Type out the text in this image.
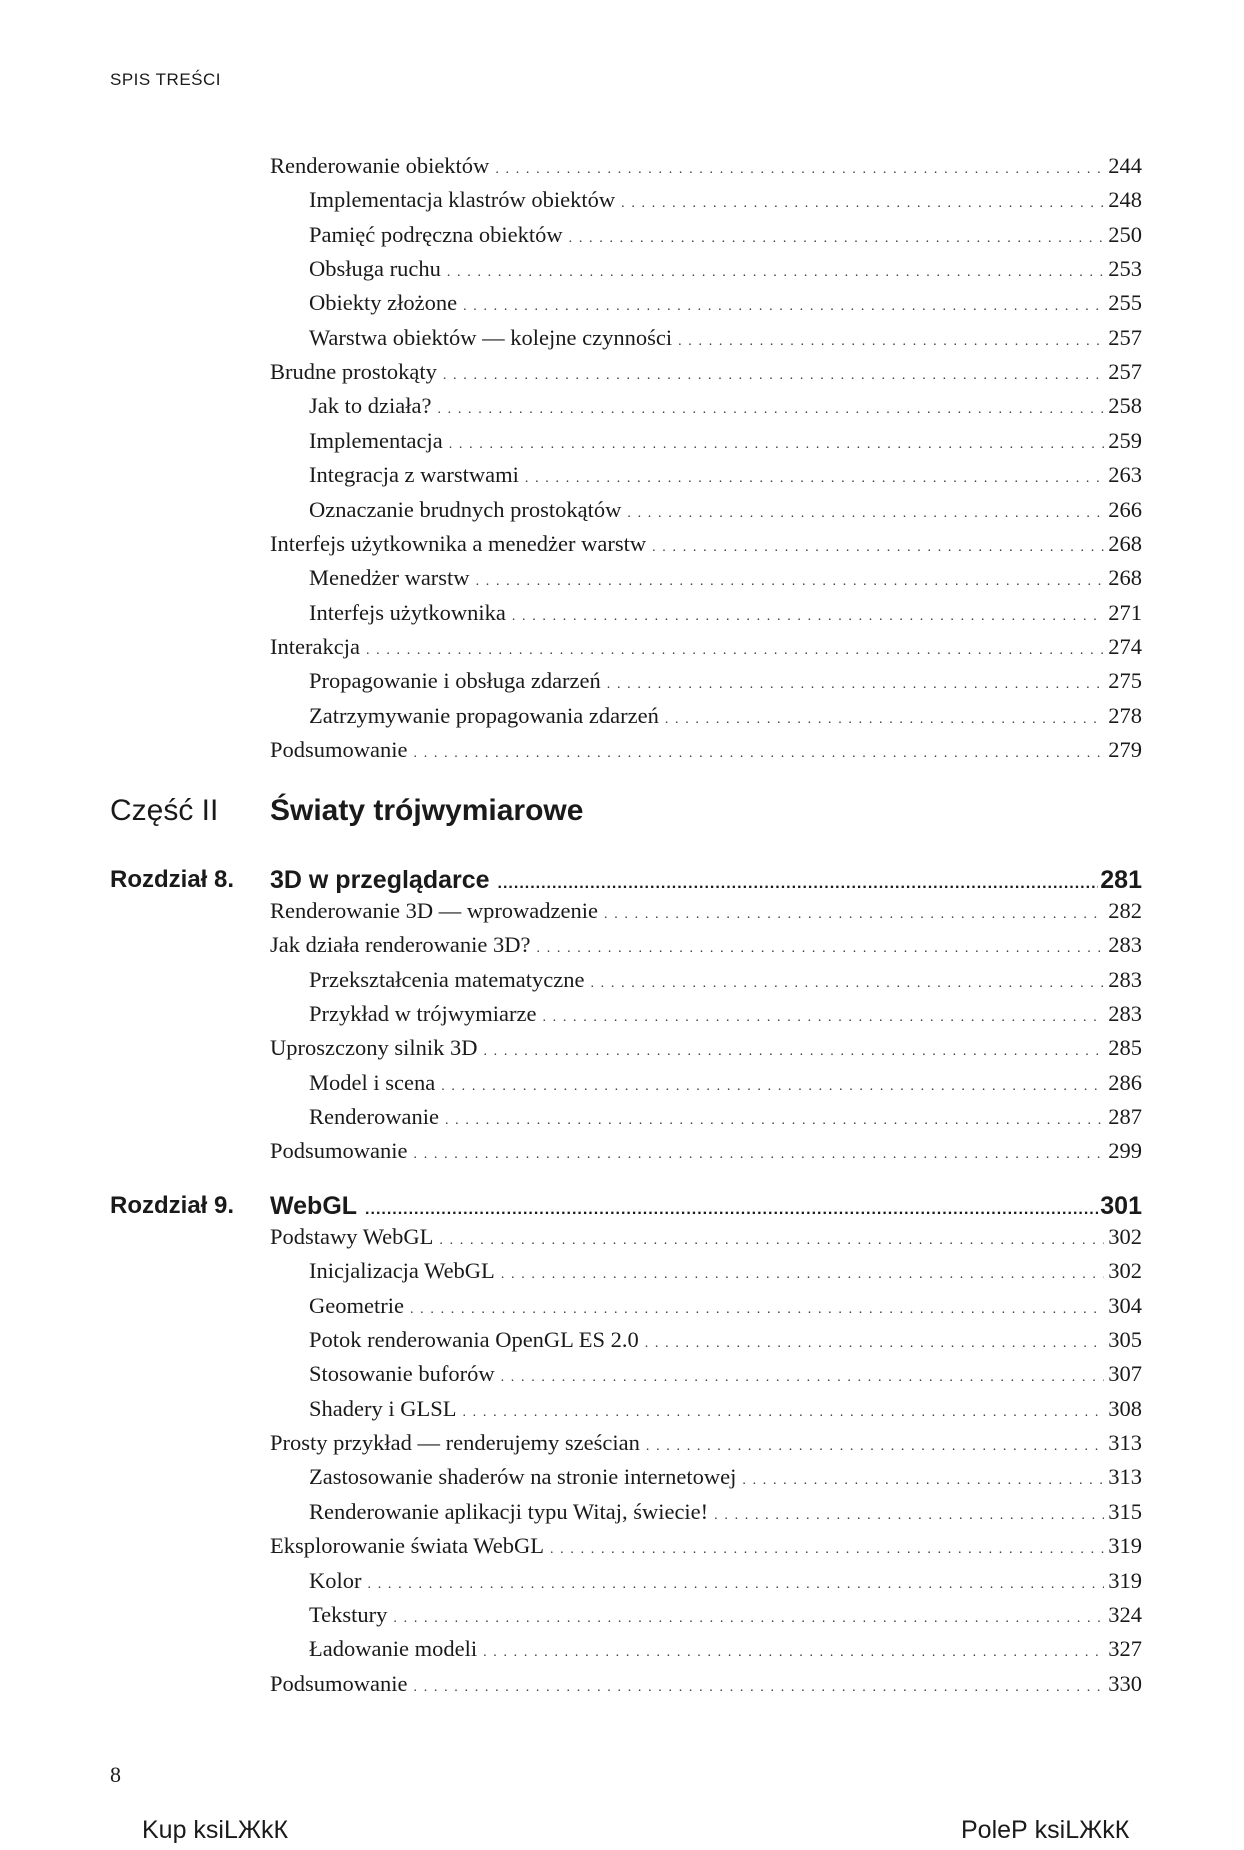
SPIS TREŚCI
Renderowanie obiektów . . .	244
Implementacja klastrów obiektów . . .	248
Pamięć podręczna obiektów . . .	250
Obsługa ruchu . . .	253
Obiekty złożone . . .	255
Warstwa obiektów — kolejne czynności . . .	257
Brudne prostokąty . . .	257
Jak to działa? . . .	258
Implementacja . . .	259
Integracja z warstwami . . .	263
Oznaczanie brudnych prostokątów . . .	266
Interfejs użytkownika a menedżer warstw . . .	268
Menedżer warstw . . .	268
Interfejs użytkownika . . .	271
Interakcja . . .	274
Propagowanie i obsługa zdarzeń . . .	275
Zatrzymywanie propagowania zdarzeń . . .	278
Podsumowanie . . .	279
Część II Światy trójwymiarowe
Rozdział 8. 3D w przeglądarce .....	281
Renderowanie 3D — wprowadzenie . . .	282
Jak działa renderowanie 3D? . . .	283
Przekształcenia matematyczne . . .	283
Przykład w trójwymiarze . . .	283
Uproszczony silnik 3D . . .	285
Model i scena . . .	286
Renderowanie . . .	287
Podsumowanie . . .	299
Rozdział 9. WebGL .....	301
Podstawy WebGL . . .	302
Inicjalizacja WebGL . . .	302
Geometrie . . .	304
Potok renderowania OpenGL ES 2.0 . . .	305
Stosowanie buforów . . .	307
Shadery i GLSL . . .	308
Prosty przykład — renderujemy sześcian . . .	313
Zastosowanie shaderów na stronie internetowej . . .	313
Renderowanie aplikacji typu Witaj, świecie! . . .	315
Eksplorowanie świata WebGL . . .	319
Kolor . . .	319
Tekstury . . .	324
Ładowanie modeli . . .	327
Podsumowanie . . .	330
8
Kup ksiLЖkК	PoleР ksiLЖkК
